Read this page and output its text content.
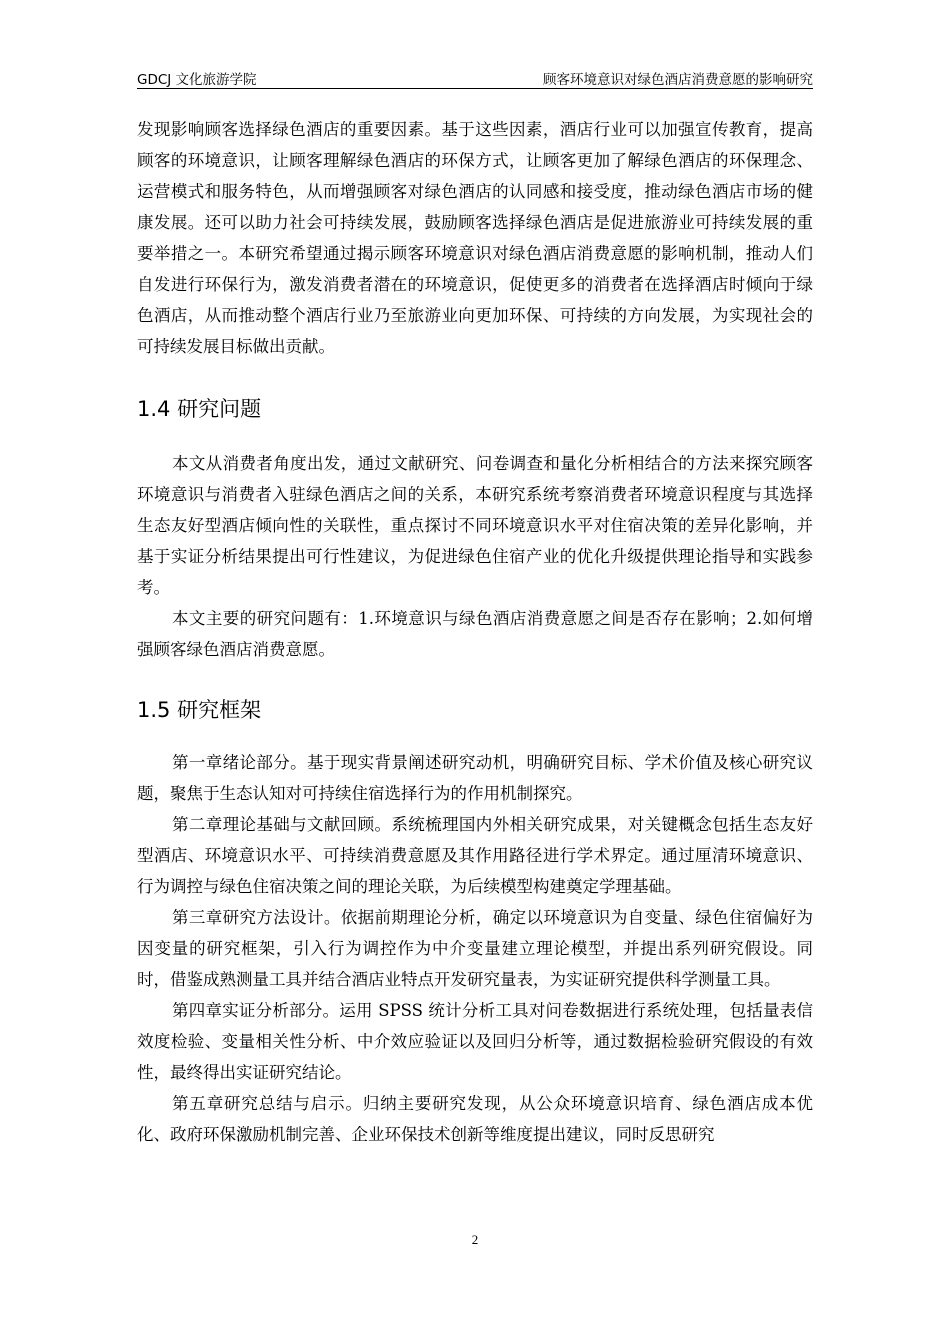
GDCJ 文化旅游学院	顾客环境意识对绿色酒店消费意愿的影响研究

发现影响顾客选择绿色酒店的重要因素。基于这些因素，酒店行业可以加强宣传教育，提高顾客的环境意识，让顾客理解绿色酒店的环保方式，让顾客更加了解绿色酒店的环保理念、运营模式和服务特色，从而增强顾客对绿色酒店的认同感和接受度，推动绿色酒店市场的健康发展。还可以助力社会可持续发展，鼓励顾客选择绿色酒店是促进旅游业可持续发展的重要举措之一。本研究希望通过揭示顾客环境意识对绿色酒店消费意愿的影响机制，推动人们自发进行环保行为，激发消费者潜在的环境意识，促使更多的消费者在选择酒店时倾向于绿色酒店，从而推动整个酒店行业乃至旅游业向更加环保、可持续的方向发展，为实现社会的可持续发展目标做出贡献。

1.4 研究问题

本文从消费者角度出发，通过文献研究、问卷调查和量化分析相结合的方法来探究顾客环境意识与消费者入驻绿色酒店之间的关系，本研究系统考察消费者环境意识程度与其选择生态友好型酒店倾向性的关联性，重点探讨不同环境意识水平对住宿决策的差异化影响，并基于实证分析结果提出可行性建议，为促进绿色住宿产业的优化升级提供理论指导和实践参考。

本文主要的研究问题有：1.环境意识与绿色酒店消费意愿之间是否存在影响；2.如何增强顾客绿色酒店消费意愿。

1.5 研究框架

第一章绪论部分。基于现实背景阐述研究动机，明确研究目标、学术价值及核心研究议题，聚焦于生态认知对可持续住宿选择行为的作用机制探究。

第二章理论基础与文献回顾。系统梳理国内外相关研究成果，对关键概念包括生态友好型酒店、环境意识水平、可持续消费意愿及其作用路径进行学术界定。通过厘清环境意识、行为调控与绿色住宿决策之间的理论关联，为后续模型构建奠定学理基础。

第三章研究方法设计。依据前期理论分析，确定以环境意识为自变量、绿色住宿偏好为因变量的研究框架，引入行为调控作为中介变量建立理论模型，并提出系列研究假设。同时，借鉴成熟测量工具并结合酒店业特点开发研究量表，为实证研究提供科学测量工具。

第四章实证分析部分。运用 SPSS 统计分析工具对问卷数据进行系统处理，包括量表信效度检验、变量相关性分析、中介效应验证以及回归分析等，通过数据检验研究假设的有效性，最终得出实证研究结论。

第五章研究总结与启示。归纳主要研究发现，从公众环境意识培育、绿色酒店成本优化、政府环保激励机制完善、企业环保技术创新等维度提出建议，同时反思研究

2
